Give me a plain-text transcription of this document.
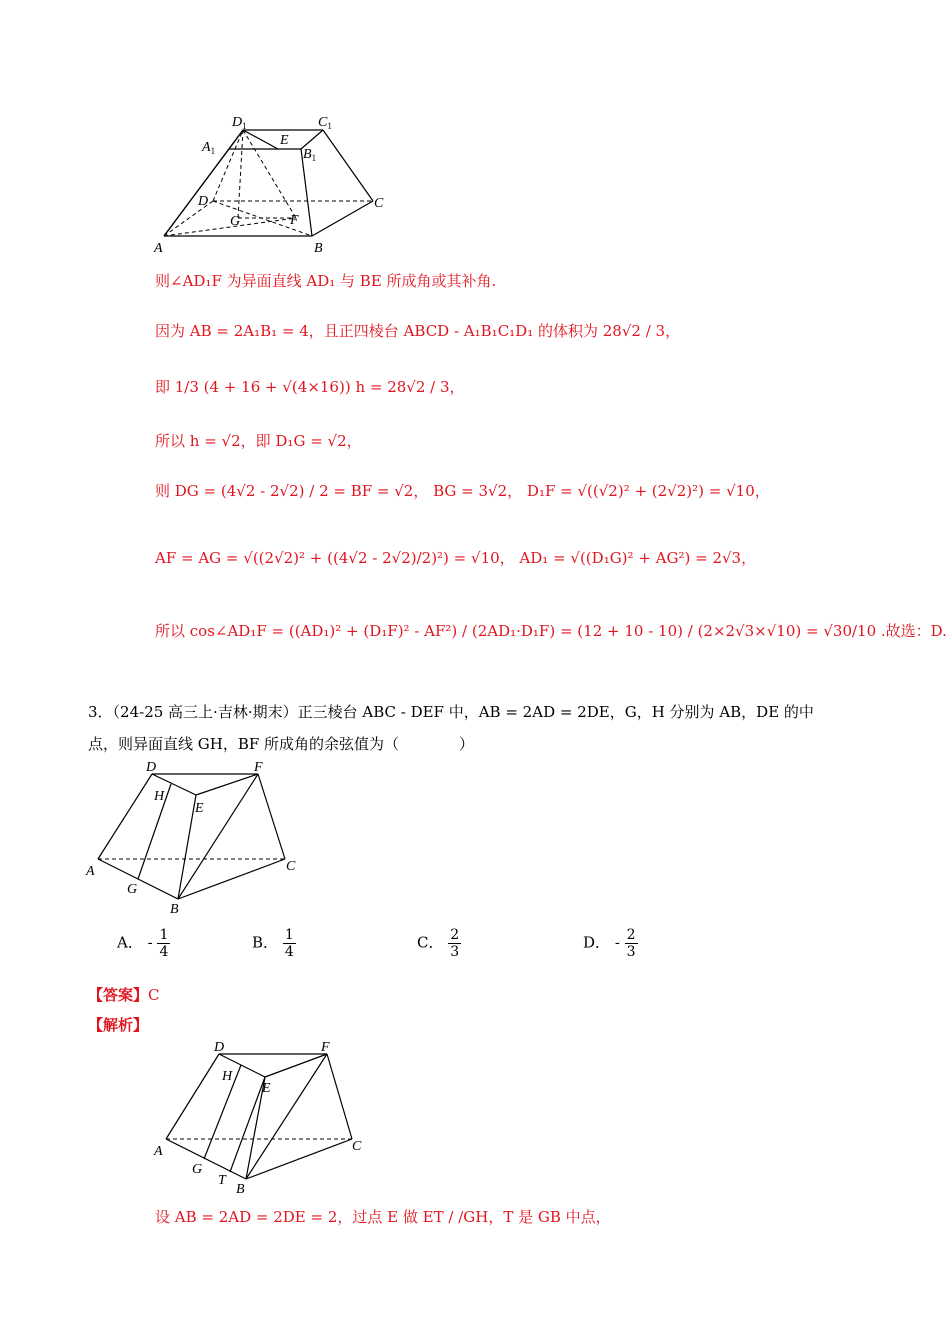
$D_1$	$C_1$
$A_1$
E
$B_1$
D	C
G	F
A	B
则∠AD₁F 为异面直线 AD₁ 与 BE 所成角或其补角.
因为 AB = 2A₁B₁ = 4，且正四棱台 ABCD - A₁B₁C₁D₁ 的体积为 28√2 / 3，
即 1/3 (4 + 16 + √(4×16)) h = 28√2 / 3，
所以 h = √2，即 D₁G = √2，
则 DG = (4√2 - 2√2) / 2 = BF = √2， BG = 3√2， D₁F = √((√2)² + (2√2)²) = √10，
AF = AG = √((2√2)² + ((4√2 - 2√2)/2)²) = √10， AD₁ = √((D₁G)² + AG²) = 2√3，
所以 cos∠AD₁F = ((AD₁)² + (D₁F)² - AF²) / (2AD₁·D₁F) = (12 + 10 - 10) / (2×2√3×√10) = √30/10 .故选：D.
3．（24-25 高三上·吉林·期末）正三棱台 ABC - DEF 中，AB = 2AD = 2DE，G，H 分别为 AB，DE 的中
点，则异面直线 GH，BF 所成角的余弦值为（　　　　）
D	F
H
E
A	C
G
B
A． - $\frac{1}{4}$	B． $\frac{1}{4}$	C． $\frac{2}{3}$	D． - $\frac{2}{3}$
【答案】C
【解析】
D	F
H
E
A	C
G
T
B
设 AB = 2AD = 2DE = 2，过点 E 做 ET / /GH，T 是 GB 中点，
